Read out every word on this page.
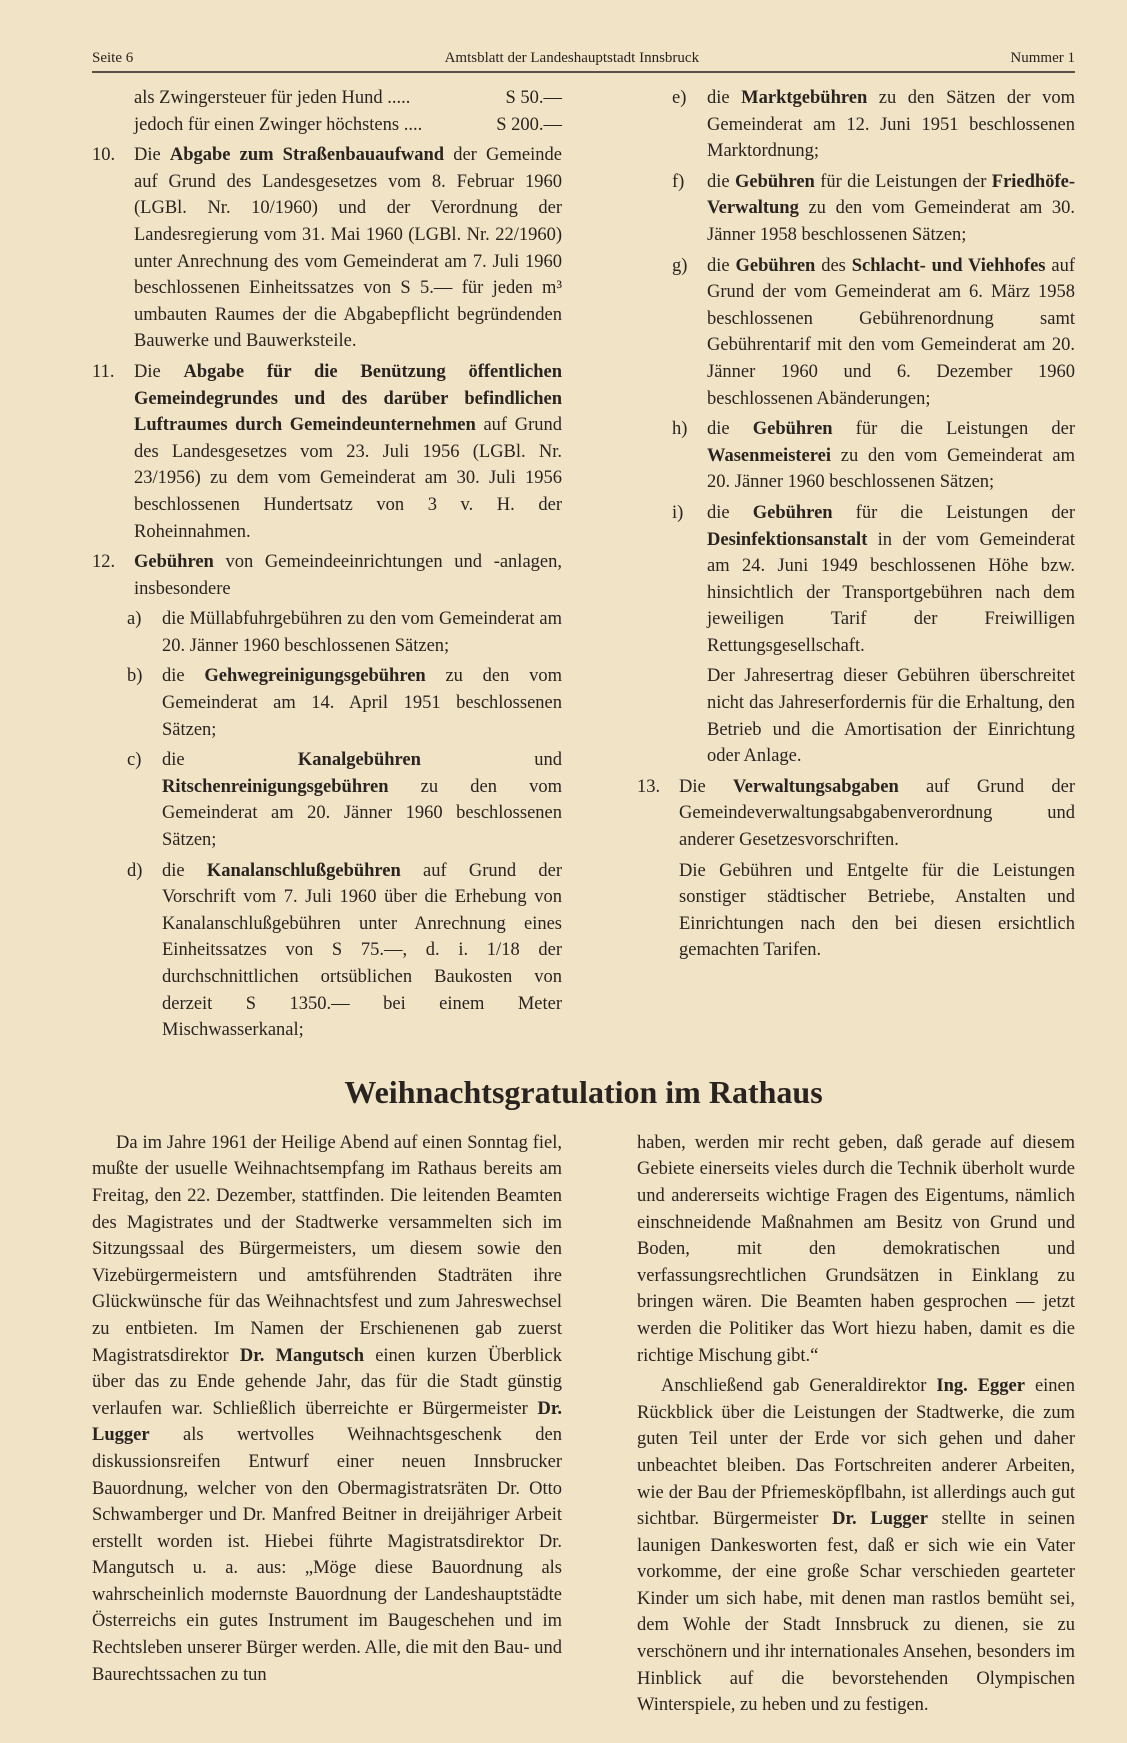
Seite 6	Amtsblatt der Landeshauptstadt Innsbruck	Nummer 1
als Zwingersteuer für jeden Hund .....	S 50.—
jedoch für einen Zwinger höchstens ....	S 200.—

10. Die Abgabe zum Straßenbauaufwand der Gemeinde auf Grund des Landesgesetzes vom 8. Februar 1960 (LGBl. Nr. 10/1960) und der Verordnung der Landesregierung vom 31. Mai 1960 (LGBl. Nr. 22/1960) unter Anrechnung des vom Gemeinderat am 7. Juli 1960 beschlossenen Einheitssatzes von S 5.— für jeden m³ umbauten Raumes der die Abgabepflicht begründenden Bauwerke und Bauwerksteile.

11. Die Abgabe für die Benützung öffentlichen Gemeindegrundes und des darüber befindlichen Luftraumes durch Gemeindeunternehmen auf Grund des Landesgesetzes vom 23. Juli 1956 (LGBl. Nr. 23/1956) zu dem vom Gemeinderat am 30. Juli 1956 beschlossenen Hundertsatz von 3 v. H. der Roheinnahmen.

12. Gebühren von Gemeindeeinrichtungen und -anlagen, insbesondere

a) die Müllabfuhrgebühren zu den vom Gemeinderat am 20. Jänner 1960 beschlossenen Sätzen;

b) die Gehwegreinigungsgebühren zu den vom Gemeinderat am 14. April 1951 beschlossenen Sätzen;

c) die Kanalgebühren und Ritschenreinigungsgebühren zu den vom Gemeinderat am 20. Jänner 1960 beschlossenen Sätzen;

d) die Kanalanschlußgebühren auf Grund der Vorschrift vom 7. Juli 1960 über die Erhebung von Kanalanschlußgebühren unter Anrechnung eines Einheitssatzes von S 75.—, d. i. 1/18 der durchschnittlichen ortsüblichen Baukosten von derzeit S 1350.— bei einem Meter Mischwasserkanal;

e) die Marktgebühren zu den Sätzen der vom Gemeinderat am 12. Juni 1951 beschlossenen Marktordnung;

f) die Gebühren für die Leistungen der Friedhöfe-Verwaltung zu den vom Gemeinderat am 30. Jänner 1958 beschlossenen Sätzen;

g) die Gebühren des Schlacht- und Viehhofes auf Grund der vom Gemeinderat am 6. März 1958 beschlossenen Gebührenordnung samt Gebührentarif mit den vom Gemeinderat am 20. Jänner 1960 und 6. Dezember 1960 beschlossenen Abänderungen;

h) die Gebühren für die Leistungen der Wasenmeisterei zu den vom Gemeinderat am 20. Jänner 1960 beschlossenen Sätzen;

i) die Gebühren für die Leistungen der Desinfektionsanstalt in der vom Gemeinderat am 24. Juni 1949 beschlossenen Höhe bzw. hinsichtlich der Transportgebühren nach dem jeweiligen Tarif der Freiwilligen Rettungsgesellschaft.

Der Jahresertrag dieser Gebühren überschreitet nicht das Jahreserfordernis für die Erhaltung, den Betrieb und die Amortisation der Einrichtung oder Anlage.

13. Die Verwaltungsabgaben auf Grund der Gemeindeverwaltungsabgabenverordnung und anderer Gesetzesvorschriften.

Die Gebühren und Entgelte für die Leistungen sonstiger städtischer Betriebe, Anstalten und Einrichtungen nach den bei diesen ersichtlich gemachten Tarifen.

Weihnachtsgratulation im Rathaus

Da im Jahre 1961 der Heilige Abend auf einen Sonntag fiel, mußte der usuelle Weihnachtsempfang im Rathaus bereits am Freitag, den 22. Dezember, stattfinden. Die leitenden Beamten des Magistrates und der Stadtwerke versammelten sich im Sitzungssaal des Bürgermeisters, um diesem sowie den Vizebürgermeistern und amtsführenden Stadträten ihre Glückwünsche für das Weihnachtsfest und zum Jahreswechsel zu entbieten. Im Namen der Erschienenen gab zuerst Magistratsdirektor Dr. Mangutsch einen kurzen Überblick über das zu Ende gehende Jahr, das für die Stadt günstig verlaufen war. Schließlich überreichte er Bürgermeister Dr. Lugger als wertvolles Weihnachtsgeschenk den diskussionsreifen Entwurf einer neuen Innsbrucker Bauordnung, welcher von den Obermagistratsräten Dr. Otto Schwamberger und Dr. Manfred Beitner in dreijähriger Arbeit erstellt worden ist. Hiebei führte Magistratsdirektor Dr. Mangutsch u. a. aus: „Möge diese Bauordnung als wahrscheinlich modernste Bauordnung der Landeshauptstädte Österreichs ein gutes Instrument im Baugeschehen und im Rechtsleben unserer Bürger werden. Alle, die mit den Bau- und Baurechtssachen zu tun

haben, werden mir recht geben, daß gerade auf diesem Gebiete einerseits vieles durch die Technik überholt wurde und andererseits wichtige Fragen des Eigentums, nämlich einschneidende Maßnahmen am Besitz von Grund und Boden, mit den demokratischen und verfassungsrechtlichen Grundsätzen in Einklang zu bringen wären. Die Beamten haben gesprochen — jetzt werden die Politiker das Wort hiezu haben, damit es die richtige Mischung gibt.“

Anschließend gab Generaldirektor Ing. Egger einen Rückblick über die Leistungen der Stadtwerke, die zum guten Teil unter der Erde vor sich gehen und daher unbeachtet bleiben. Das Fortschreiten anderer Arbeiten, wie der Bau der Pfriemesköpflbahn, ist allerdings auch gut sichtbar. Bürgermeister Dr. Lugger stellte in seinen launigen Dankesworten fest, daß er sich wie ein Vater vorkomme, der eine große Schar verschieden gearteter Kinder um sich habe, mit denen man rastlos bemüht sei, dem Wohle der Stadt Innsbruck zu dienen, sie zu verschönern und ihr internationales Ansehen, besonders im Hinblick auf die bevorstehenden Olympischen Winterspiele, zu heben und zu festigen.
